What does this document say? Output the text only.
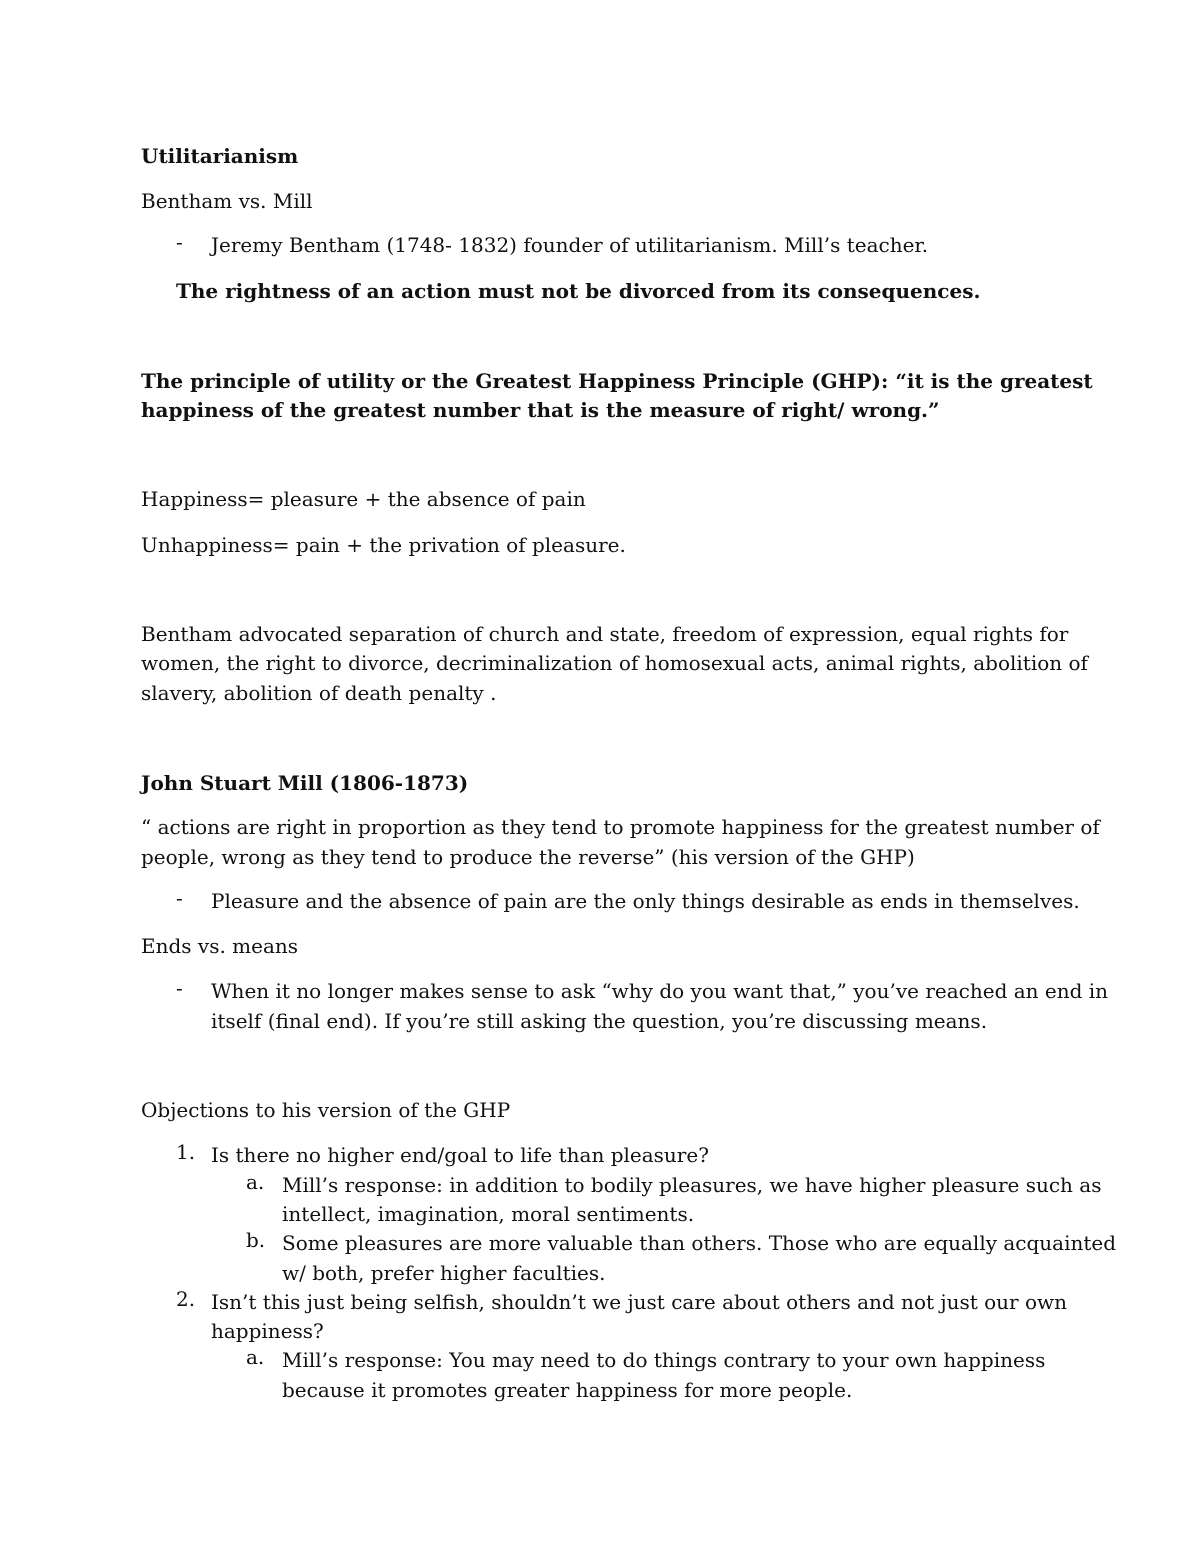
Utilitarianism

Bentham vs. Mill

- Jeremy Bentham (1748- 1832) founder of utilitarianism. Mill’s teacher.

The rightness of an action must not be divorced from its consequences.

The principle of utility or the Greatest Happiness Principle (GHP): “it is the greatest

happiness of the greatest number that is the measure of right/ wrong.”

Happiness= pleasure + the absence of pain

Unhappiness= pain + the privation of pleasure.

Bentham advocated separation of church and state, freedom of expression, equal rights for

women, the right to divorce, decriminalization of homosexual acts, animal rights, abolition of

slavery, abolition of death penalty .

John Stuart Mill (1806-1873)

“ actions are right in proportion as they tend to promote happiness for the greatest number of

people, wrong as they tend to produce the reverse” (his version of the GHP)

- Pleasure and the absence of pain are the only things desirable as ends in themselves.

Ends vs. means

- When it no longer makes sense to ask “why do you want that,” you’ve reached an end in

itself (final end). If you’re still asking the question, you’re discussing means.

Objections to his version of the GHP

1. Is there no higher end/goal to life than pleasure?

a. Mill’s response: in addition to bodily pleasures, we have higher pleasure such as

intellect, imagination, moral sentiments.

b. Some pleasures are more valuable than others. Those who are equally acquainted

w/ both, prefer higher faculties.

2. Isn’t this just being selfish, shouldn’t we just care about others and not just our own

happiness?

a. Mill’s response: You may need to do things contrary to your own happiness

because it promotes greater happiness for more people.
